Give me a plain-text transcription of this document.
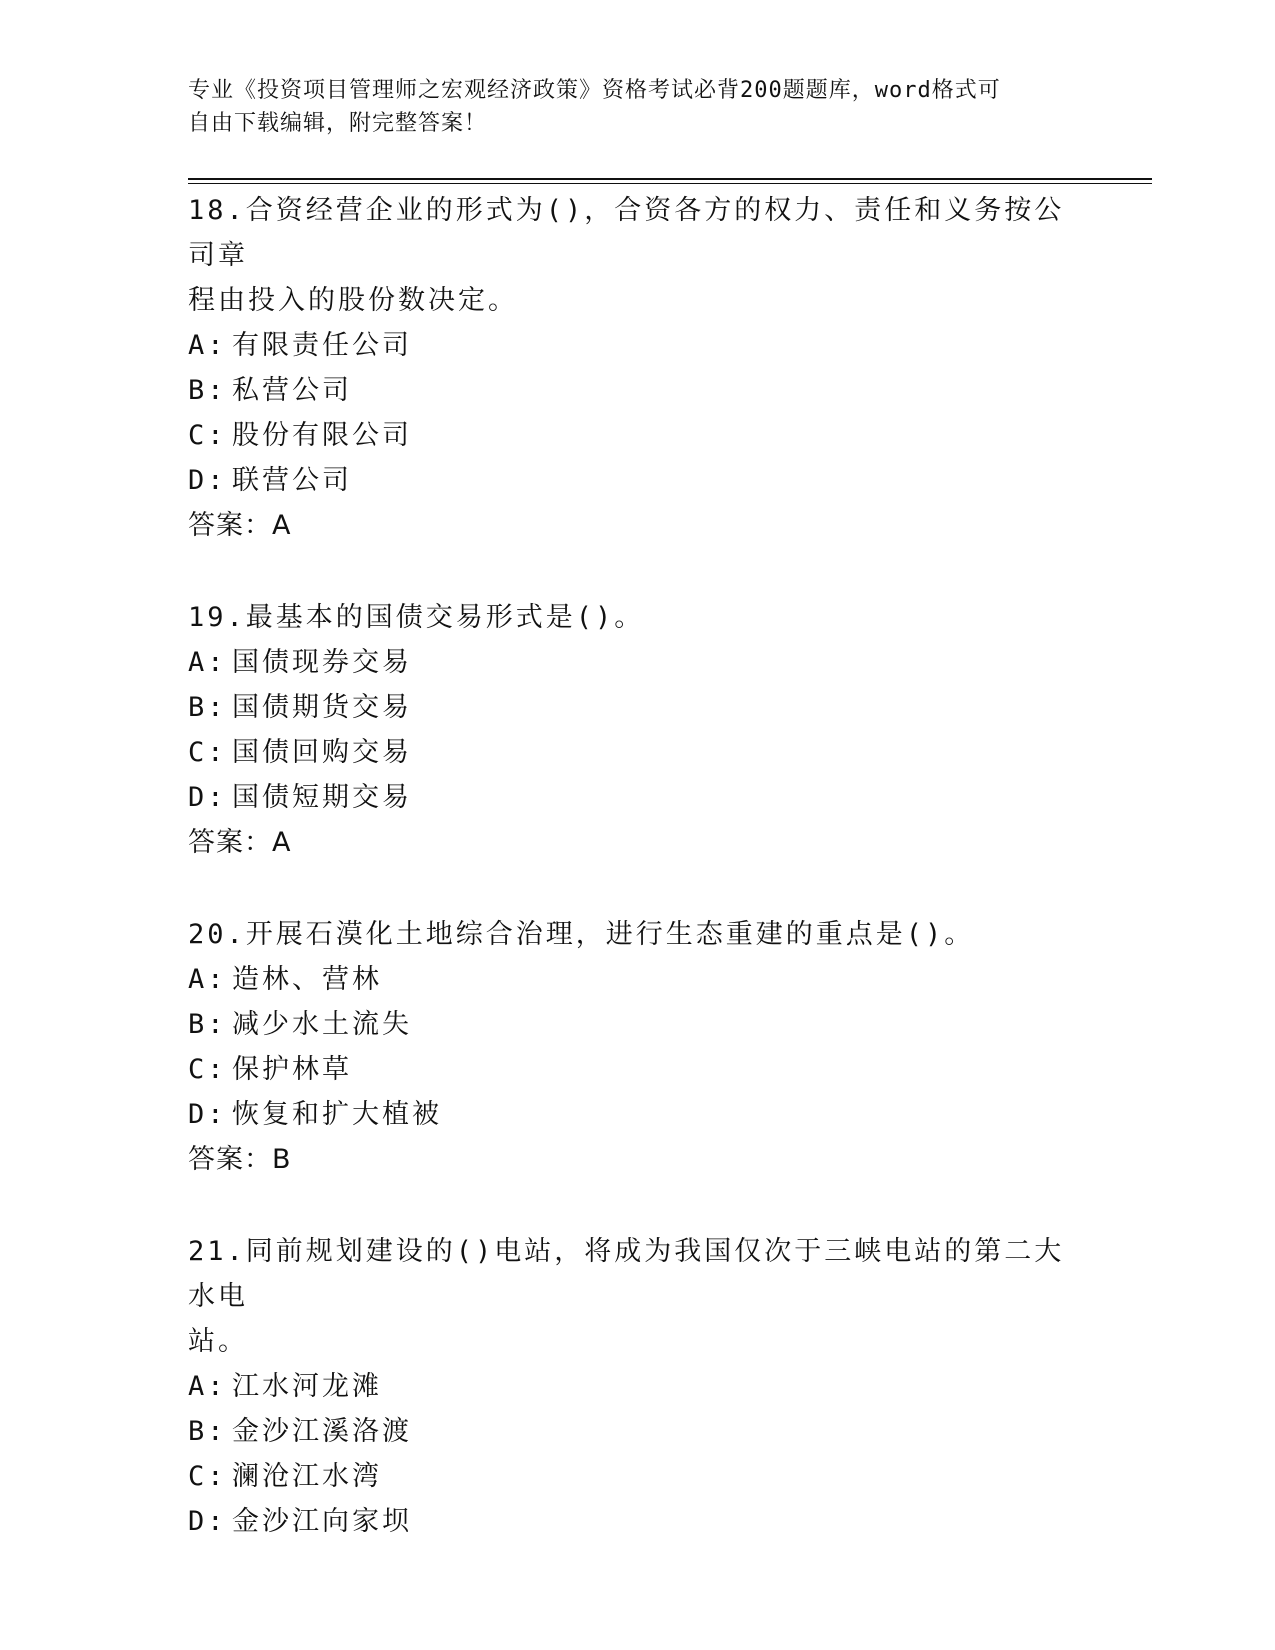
专业《投资项目管理师之宏观经济政策》资格考试必背200题题库，word格式可
自由下载编辑，附完整答案！
18.合资经营企业的形式为()，合资各方的权力、责任和义务按公司章
程由投入的股份数决定。
A: 有限责任公司
B: 私营公司
C: 股份有限公司
D: 联营公司
答案：A
19.最基本的国债交易形式是()。
A: 国债现券交易
B: 国债期货交易
C: 国债回购交易
D: 国债短期交易
答案：A
20.开展石漠化土地综合治理，进行生态重建的重点是()。
A: 造林、营林
B: 减少水土流失
C: 保护林草
D: 恢复和扩大植被
答案：B
21.同前规划建设的()电站，将成为我国仅次于三峡电站的第二大水电
站。
A: 江水河龙滩
B: 金沙江溪洛渡
C: 澜沧江水湾
D: 金沙江向家坝
